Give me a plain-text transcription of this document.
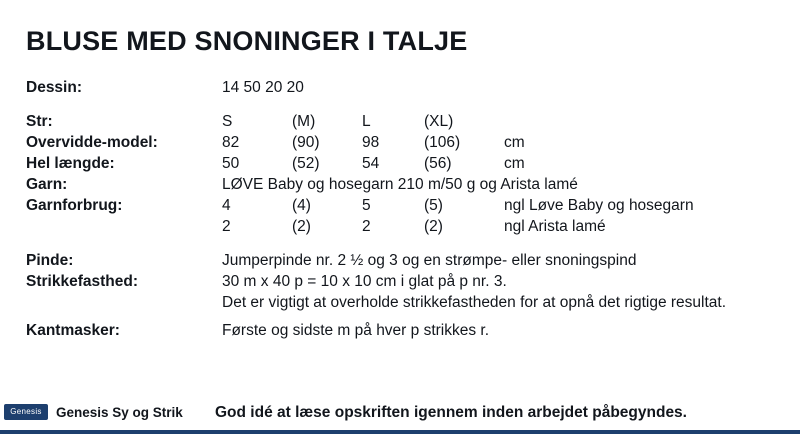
BLUSE MED SNONINGER I TALJE
Dessin:	14 50 20 20				

Str:	S	(M)	L	(XL)	
Overvidde-model:	82	(90)	98	(106)	cm
Hel længde:	50	(52)	54	(56)	cm
Garn:	LØVE Baby og hosegarn 210 m/50 g og Arista lamé				
Garnforbrug:	4	(4)	5	(5)	ngl Løve Baby og hosegarn
	2	(2)	2	(2)	ngl Arista lamé

Pinde:	Jumperpinde nr. 2 ½ og 3 og en strømpe- eller snoningspind				
Strikkefasthed:	30 m x 40 p = 10 x 10 cm i glat på p nr. 3.				
	Det er vigtigt at overholde strikkefastheden for at opnå det rigtige resultat.				

Kantmasker:	Første og sidste m på hver p strikkes r.				
Genesis	Genesis Sy og Strik God idé at læse opskriften igennem inden arbejdet påbegyndes.
